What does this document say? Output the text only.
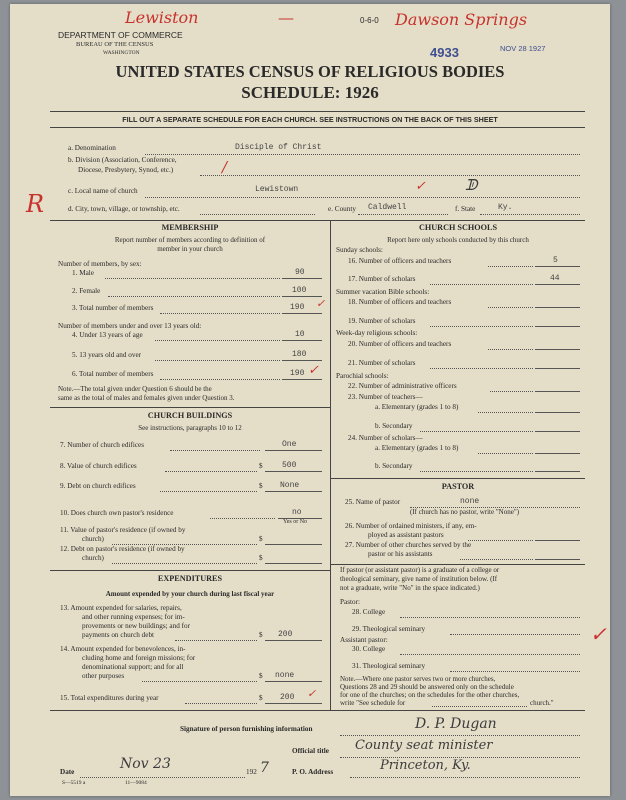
Lewiston	—	0-6-0 Dawson Springs
4933	NOV 28 1927
R
DEPARTMENT OF COMMERCE
BUREAU OF THE CENSUS
WASHINGTON
UNITED STATES CENSUS OF RELIGIOUS BODIES
SCHEDULE: 1926
FILL OUT A SEPARATE SCHEDULE FOR EACH CHURCH. SEE INSTRUCTIONS ON THE BACK OF THIS SHEET
a. Denomination	Disciple of Christ
b. Division (Association, Conference,
Diocese, Presbytery, Synod, etc.)	/
c. Local name of church	Lewistown	✓	ᗫ
d. City, town, village, or township, etc.	e. County Caldwell	f. State	Ky.
MEMBERSHIP
Report number of members according to definition of
member in your church
Number of members, by sex:
1. Male	90
2. Female	100
3. Total number of members	190 ✓
Number of members under and over 13 years old:
4. Under 13 years of age	10
5. 13 years old and over	180
6. Total number of members	190 ✓
Note.—The total given under Question 6 should be the
same as the total of males and females given under Question 3.
CHURCH BUILDINGS
See instructions, paragraphs 10 to 12
7. Number of church edifices	One
8. Value of church edifices	$ 500
9. Debt on church edifices	$ None
10. Does church own pastor's residence	no
Yes or No
11. Value of pastor's residence (if owned by
church)	$
12. Debt on pastor's residence (if owned by
church)	$
EXPENDITURES
Amount expended by your church during last fiscal year
13. Amount expended for salaries, repairs,
and other running expenses; for im-
provements or new buildings; and for
payments on church debt	$ 200
14. Amount expended for benevolences, in-
cluding home and foreign missions; for
denominational support; and for all
other purposes	$ none
15. Total expenditures during year	$ 200 ✓
CHURCH SCHOOLS
Report here only schools conducted by this church
Sunday schools:
16. Number of officers and teachers	5
17. Number of scholars	44
Summer vacation Bible schools:
18. Number of officers and teachers
19. Number of scholars
Week-day religious schools:
20. Number of officers and teachers
21. Number of scholars
Parochial schools:
22. Number of administrative officers
23. Number of teachers—
a. Elementary (grades 1 to 8)
b. Secondary
24. Number of scholars—
a. Elementary (grades 1 to 8)
b. Secondary
PASTOR
25. Name of pastor	none
(If church has no pastor, write "None")
26. Number of ordained ministers, if any, em-
ployed as assistant pastors
27. Number of other churches served by the
pastor or his assistants
If pastor (or assistant pastor) is a graduate of a college or
theological seminary, give name of institution below. (If
not a graduate, write "No" in the space indicated.)
Pastor:
28. College
29. Theological seminary
Assistant pastor:
30. College
31. Theological seminary
Note.—Where one pastor serves two or more churches,
Questions 28 and 29 should be answered only on the schedule
for one of the churches; on the schedules for the other churches,
write "See schedule for	church."
✓
Signature of person furnishing information	D. P. Dugan
Official title County seat minister
Date	Nov 23	192 7	P. O. Address	Princeton, Ky.
S—5519 a	11—9084
